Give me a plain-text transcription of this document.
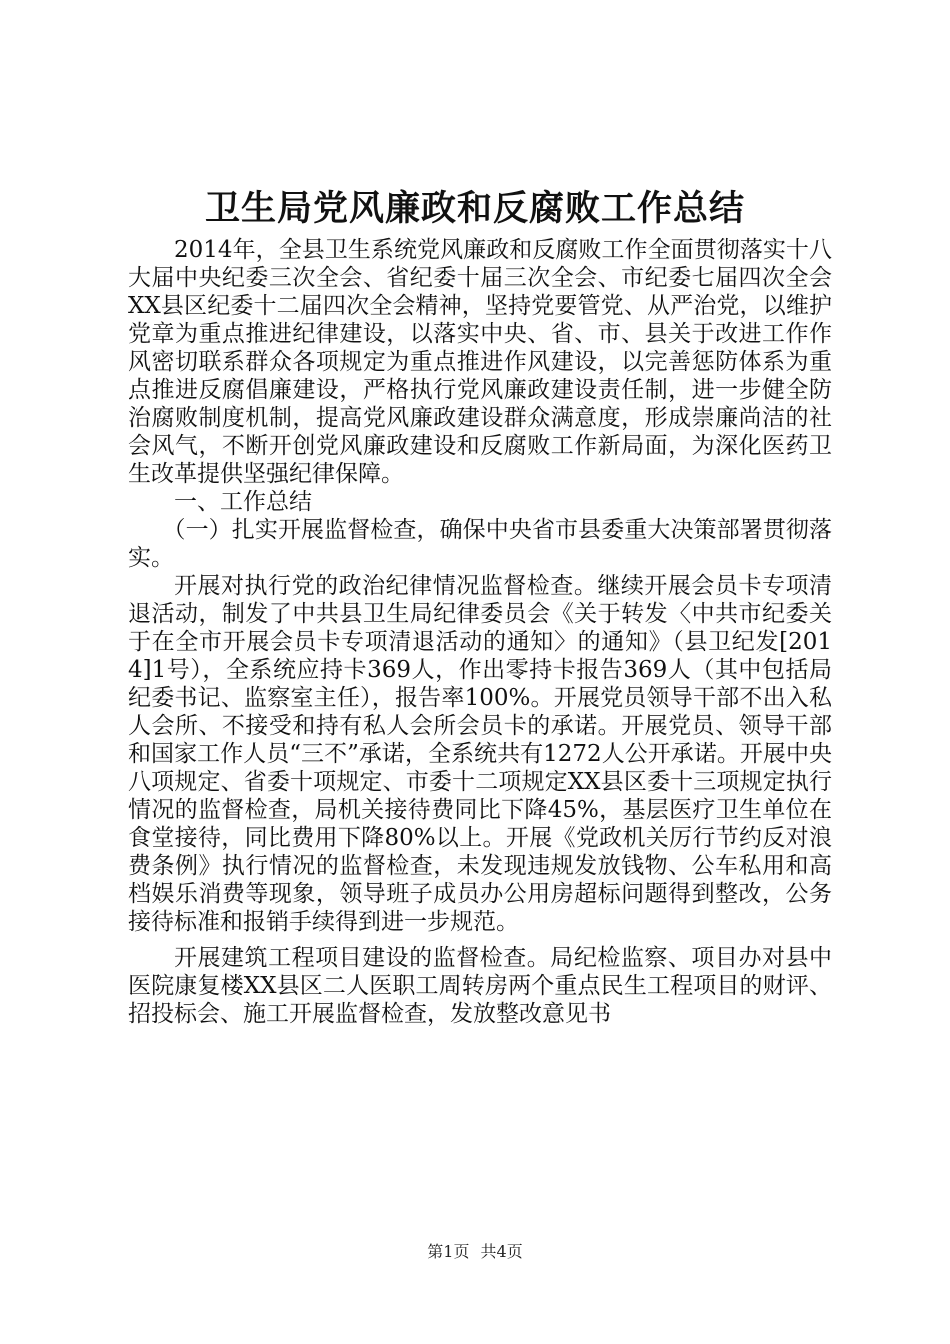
卫生局党风廉政和反腐败工作总结

2014年，全县卫生系统党风廉政和反腐败工作全面贯彻落实十八大届中央纪委三次全会、省纪委十届三次全会、市纪委七届四次全会XX县区纪委十二届四次全会精神，坚持党要管党、从严治党，以维护党章为重点推进纪律建设，以落实中央、省、市、县关于改进工作作风密切联系群众各项规定为重点推进作风建设，以完善惩防体系为重点推进反腐倡廉建设，严格执行党风廉政建设责任制，进一步健全防治腐败制度机制，提高党风廉政建设群众满意度，形成崇廉尚洁的社会风气，不断开创党风廉政建设和反腐败工作新局面，为深化医药卫生改革提供坚强纪律保障。

一、工作总结

（一）扎实开展监督检查，确保中央省市县委重大决策部署贯彻落实。

开展对执行党的政治纪律情况监督检查。继续开展会员卡专项清退活动，制发了中共县卫生局纪律委员会《关于转发〈中共市纪委关于在全市开展会员卡专项清退活动的通知〉的通知》（县卫纪发[2014]1号），全系统应持卡369人，作出零持卡报告369人（其中包括局纪委书记、监察室主任），报告率100%。开展党员领导干部不出入私人会所、不接受和持有私人会所会员卡的承诺。开展党员、领导干部和国家工作人员“三不”承诺，全系统共有1272人公开承诺。开展中央八项规定、省委十项规定、市委十二项规定XX县区委十三项规定执行情况的监督检查，局机关接待费同比下降45%，基层医疗卫生单位在食堂接待，同比费用下降80%以上。开展《党政机关厉行节约反对浪费条例》执行情况的监督检查，未发现违规发放钱物、公车私用和高档娱乐消费等现象，领导班子成员办公用房超标问题得到整改，公务接待标准和报销手续得到进一步规范。

开展建筑工程项目建设的监督检查。局纪检监察、项目办对县中医院康复楼XX县区二人医职工周转房两个重点民生工程项目的财评、招投标会、施工开展监督检查，发放整改意见书

第1页 共4页
